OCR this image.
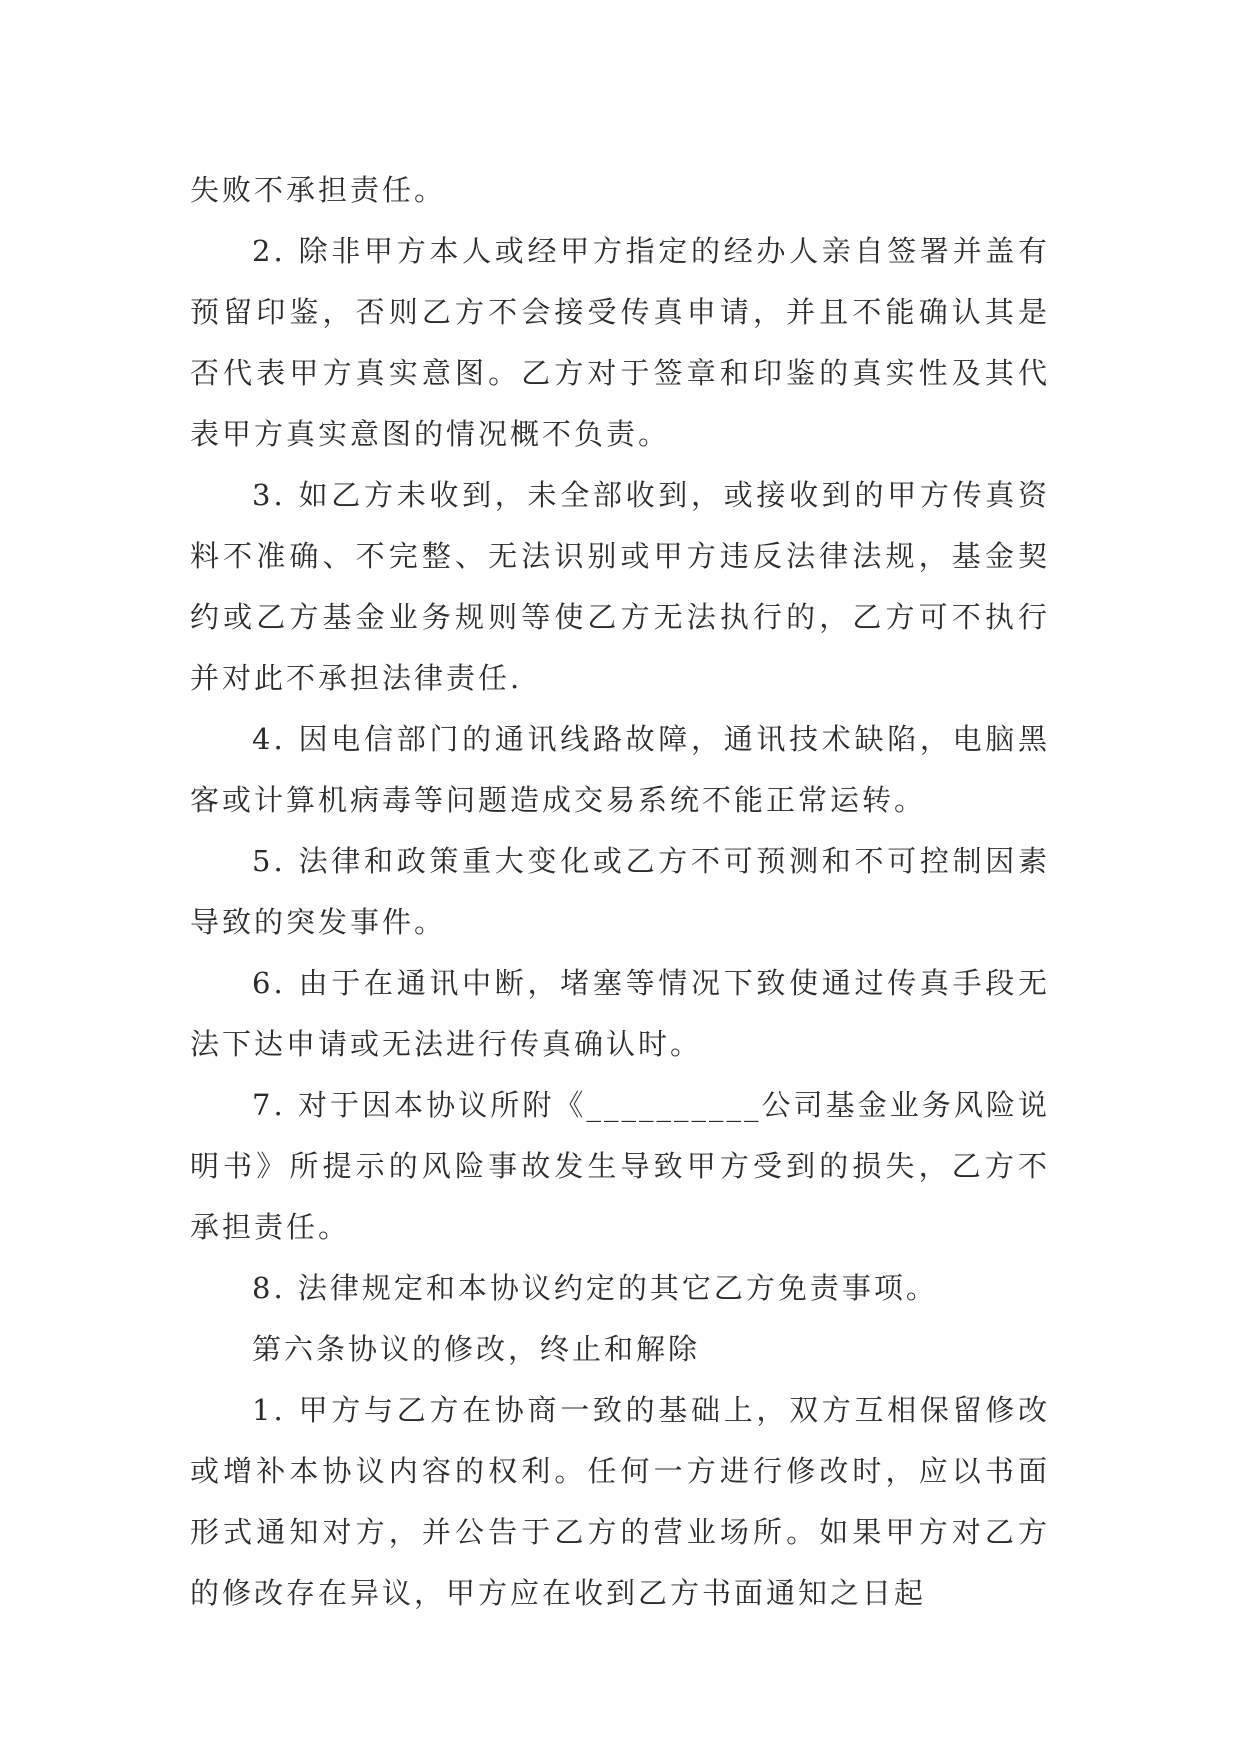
失败不承担责任。

2. 除非甲方本人或经甲方指定的经办人亲自签署并盖有预留印鉴，否则乙方不会接受传真申请，并且不能确认其是否代表甲方真实意图。乙方对于签章和印鉴的真实性及其代表甲方真实意图的情况概不负责。

3. 如乙方未收到，未全部收到，或接收到的甲方传真资料不准确、不完整、无法识别或甲方违反法律法规，基金契约或乙方基金业务规则等使乙方无法执行的，乙方可不执行并对此不承担法律责任.

4. 因电信部门的通讯线路故障，通讯技术缺陷，电脑黑客或计算机病毒等问题造成交易系统不能正常运转。

5. 法律和政策重大变化或乙方不可预测和不可控制因素导致的突发事件。

6. 由于在通讯中断，堵塞等情况下致使通过传真手段无法下达申请或无法进行传真确认时。

7. 对于因本协议所附《__________公司基金业务风险说明书》所提示的风险事故发生导致甲方受到的损失，乙方不承担责任。

8. 法律规定和本协议约定的其它乙方免责事项。

第六条协议的修改，终止和解除

1. 甲方与乙方在协商一致的基础上，双方互相保留修改或增补本协议内容的权利。任何一方进行修改时，应以书面形式通知对方，并公告于乙方的营业场所。如果甲方对乙方的修改存在异议，甲方应在收到乙方书面通知之日起
